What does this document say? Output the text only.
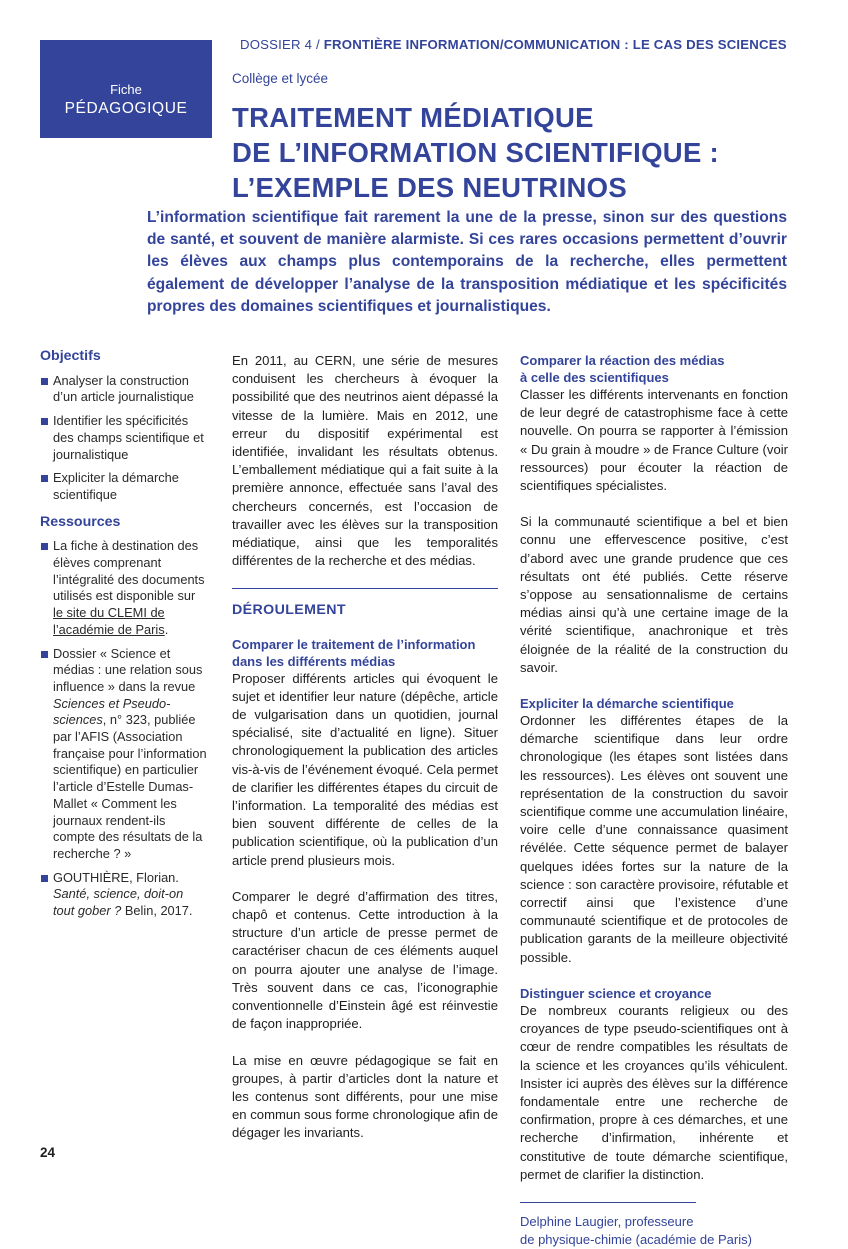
Fiche
PÉDAGOGIQUE
DOSSIER 4 / FRONTIÈRE INFORMATION/COMMUNICATION : LE CAS DES SCIENCES
Collège et lycée
TRAITEMENT MÉDIATIQUE
DE L’INFORMATION SCIENTIFIQUE :
L’EXEMPLE DES NEUTRINOS

L’information scientifique fait rarement la une de la presse, sinon sur des questions de santé, et souvent de manière alarmiste. Si ces rares occasions permettent d’ouvrir les élèves aux champs plus contemporains de la recherche, elles permettent également de développer l’analyse de la transposition médiatique et les spécificités propres des domaines scientifiques et journalistiques.

Objectifs
Analyser la construction d’un article journalistique
Identifier les spécificités des champs scientifique et journalistique
Expliciter la démarche scientifique
Ressources
La fiche à destination des élèves comprenant l’intégralité des documents utilisés est disponible sur le site du CLEMI de l’académie de Paris.
Dossier « Science et médias : une relation sous influence » dans la revue Sciences et Pseudo-sciences, n° 323, publiée par l’AFIS (Association française pour l’information scientifique) en particulier l’article d’Estelle Dumas-Mallet « Comment les journaux rendent-ils compte des résultats de la recherche ? »
GOUTHIÈRE, Florian. Santé, science, doit-on tout gober ? Belin, 2017.

En 2011, au CERN, une série de mesures conduisent les chercheurs à évoquer la possibilité que des neutrinos aient dépassé la vitesse de la lumière. Mais en 2012, une erreur du dispositif expérimental est identifiée, invalidant les résultats obtenus. L’emballement médiatique qui a fait suite à la première annonce, effectuée sans l’aval des chercheurs concernés, est l’occasion de travailler avec les élèves sur la transposition médiatique, ainsi que les temporalités différentes de la recherche et des médias.

DÉROULEMENT
Comparer le traitement de l’information
dans les différents médias

Proposer différents articles qui évoquent le sujet et identifier leur nature (dépêche, article de vulgarisation dans un quotidien, journal spécialisé, site d’actualité en ligne). Situer chronologiquement la publication des articles vis-à-vis de l’événement évoqué. Cela permet de clarifier les différentes étapes du circuit de l’information. La temporalité des médias est bien souvent différente de celles de la publication scientifique, où la publication d’un article prend plusieurs mois.

Comparer le degré d’affirmation des titres, chapô et contenus. Cette introduction à la structure d’un article de presse permet de caractériser chacun de ces éléments auquel on pourra ajouter une analyse de l’image. Très souvent dans ce cas, l’iconographie conventionnelle d’Einstein âgé est réinvestie de façon inappropriée.

La mise en œuvre pédagogique se fait en groupes, à partir d’articles dont la nature et les contenus sont différents, pour une mise en commun sous forme chronologique afin de dégager les invariants.

Comparer la réaction des médias
à celle des scientifiques

Classer les différents intervenants en fonction de leur degré de catastrophisme face à cette nouvelle. On pourra se rapporter à l’émission « Du grain à moudre » de France Culture (voir ressources) pour écouter la réaction de scientifiques spécialistes.

Si la communauté scientifique a bel et bien connu une effervescence positive, c’est d’abord avec une grande prudence que ces résultats ont été publiés. Cette réserve s’oppose au sensationnalisme de certains médias ainsi qu’à une certaine image de la vérité scientifique, anachronique et très éloignée de la réalité de la construction du savoir.

Expliciter la démarche scientifique

Ordonner les différentes étapes de la démarche scientifique dans leur ordre chronologique (les étapes sont listées dans les ressources). Les élèves ont souvent une représentation de la construction du savoir scientifique comme une accumulation linéaire, voire celle d’une connaissance quasiment révélée. Cette séquence permet de balayer quelques idées fortes sur la nature de la science : son caractère provisoire, réfutable et correctif ainsi que l’existence d’une communauté scientifique et de protocoles de publication garants de la meilleure objectivité possible.

Distinguer science et croyance

De nombreux courants religieux ou des croyances de type pseudo-scientifiques ont à cœur de rendre compatibles les résultats de la science et les croyances qu’ils véhiculent. Insister ici auprès des élèves sur la différence fondamentale entre une recherche de confirmation, propre à ces démarches, et une recherche d’infirmation, inhérente et constitutive de toute démarche scientifique, permet de clarifier la distinction.

Delphine Laugier, professeure
de physique-chimie (académie de Paris)

24
